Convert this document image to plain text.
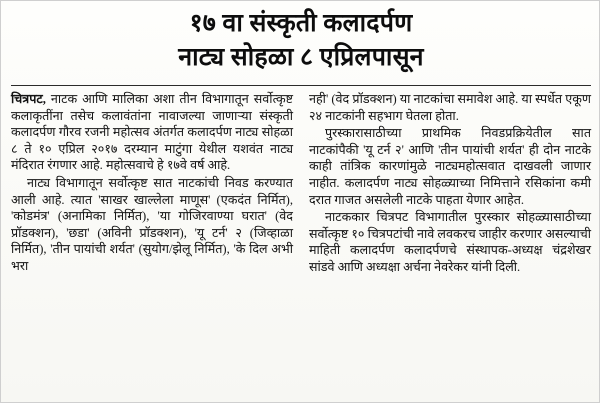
१७ वा संस्कृती कलादर्पण
नाट्य सोहळा ८ एप्रिलपासून

चित्रपट, नाटक आणि मालिका अशा तीन विभागातून सर्वोत्कृष्ट कलाकृतींना तसेच कलावंतांना नावाजल्या जाणाऱ्या संस्कृती कलादर्पण गौरव रजनी महोत्सव अंतर्गत कलादर्पण नाट्य सोहळा ८ ते १० एप्रिल २०१७ दरम्यान माटुंगा येथील यशवंत नाट्य मंदिरात रंगणार आहे. महोत्सवाचे हे १७वे वर्ष आहे.

नाट्य विभागातून सर्वोत्कृष्ट सात नाटकांची निवड करण्यात आली आहे. त्यात 'साखर खाल्लेला माणूस' (एकदंत निर्मित), 'कोडमंत्र' (अनामिका निर्मित), 'या गोजिरवाण्या घरात' (वेद प्रॉडक्शन), 'छडा' (अविनी प्रॉडक्शन), 'यू टर्न' २ (जिव्हाळा निर्मित), 'तीन पायांची शर्यत' (सुयोग/झेलू निर्मित), 'के दिल अभी भरा

नही' (वेद प्रॉडक्शन) या नाटकांचा समावेश आहे. या स्पर्धेत एकूण २४ नाटकांनी सहभाग घेतला होता.

पुरस्कारासाठीच्या प्राथमिक निवडप्रक्रियेतील सात नाटकांपैकी 'यू टर्न २' आणि 'तीन पायांची शर्यत' ही दोन नाटके काही तांत्रिक कारणांमुळे नाट्यमहोत्सवात दाखवली जाणार नाहीत. कलादर्पण नाट्य सोहळ्याच्या निमित्ताने रसिकांना कमी दरात गाजत असलेली नाटके पाहता येणार आहेत.

नाटककार चित्रपट विभागातील पुरस्कार सोहळ्यासाठीच्या सर्वोत्कृष्ट १० चित्रपटांची नावे लवकरच जाहीर करणार असल्याची माहिती कलादर्पण कलादर्पणचे संस्थापक-अध्यक्ष चंद्रशेखर सांडवे आणि अध्यक्षा अर्चना नेवरेकर यांनी दिली.
